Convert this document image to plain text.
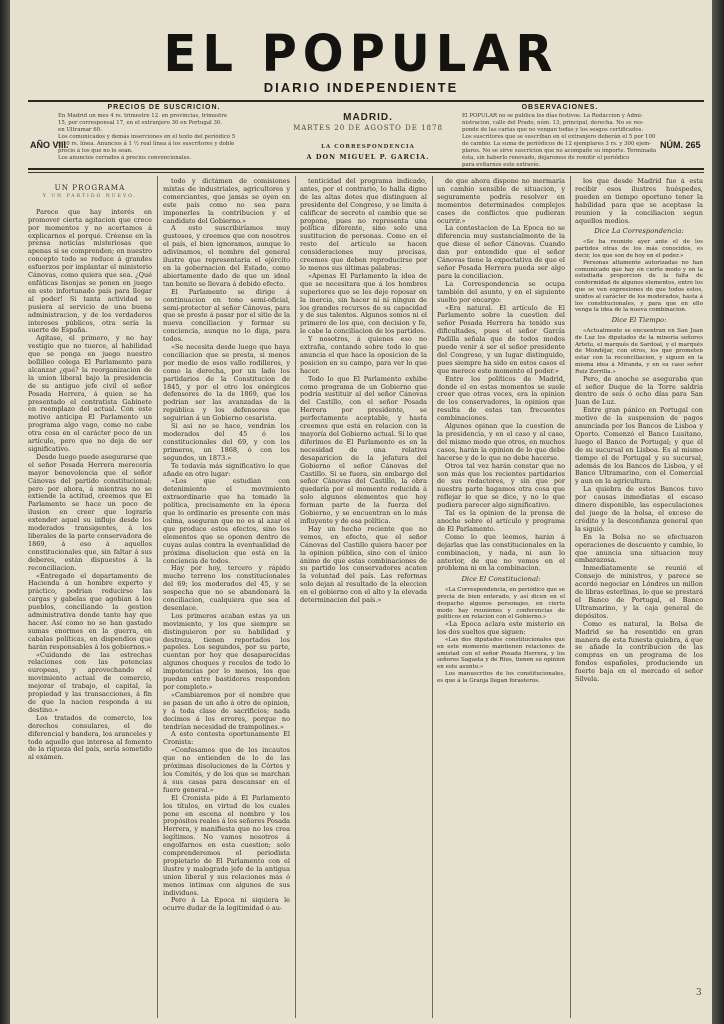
EL POPULAR
DIARIO INDEPENDIENTE
PRECIOS DE SUSCRICION.
En Madrid un mes 4 rs. trimestre 12. en provincias, trimestre
15, por corresponsal 17, en el extranjero 30 en Portugal 30.
en Ultramar 60.
Los comunicados y demás inserciones en el texto del periódico 5
y 10 rs. línea. Anuncios á 1 ½ real línea á los suscritores y doble
precio á los que no lo sean.
Los anuncios cerrados á precios convencionales.
AÑO VIII.
MADRID.
MARTES 20 DE AGOSTO DE 1878
LA CORRESPONDENCIA
A DON MIGUEL P. GARCIA.
OBSERVACIONES.
El POPULAR no se publica los días festivos. La Redaccion y Admi-
nistracion, calle del Prado, núm. 13, principal, derecha. No se res-
ponde de las cartas que no vengan todas y los sesgos certificados.
Los suscritores que se suscriban en el extranjero deberán el 5 por 100
de cambio. La suma de periódicos de 12 ejemplares 3 rs. y 300 ejem-
plares. No se sirve suscricion que no acompañe su importe. Terminada
ésta, sin haberlo renovado, dejaremos de remitir el periódico
para evitarnos este extravío.
NÚM. 265
UN PROGRAMA
Y UN PARTIDO NUEVO.

Parece que hay interés en promover cierta agitacion que crece por momentos y no acertamos á explicarnos el porqué. Créense en la prensa noticias misteriosas que apenas si se comprenden; en nuestro concepto todo se reduce á grandes esfuerzos por implantar el ministerio Cánovas, como quiera que sea. ¿Qué enfáticas lisonjas se ponen en juego en este infortunado país para llegar al poder! Si tanta actividad se pusiera al servicio de una buena administracion, y de los verdaderos intereses públicos, otra sería la suerte de España.

Agítase, el primero, y no hay vestigio que no tuerce, al habilidad que se ponga en juego nuestro bollilleo colega El Parlamento para alcanzar ¿qué? la reorganizacion de la union liberal bajo la presidencia de su antiguo jefe civil el señor Posada Herrera, á quien se ha presentado el contratista Gabinete en reemplazo del actual. Con este motivo anticipa El Parlamento un programa algo vago, como no cabe otra cosa en el carácter poco de un artículo, pero que no deja de ser significativo.

Desde luego puede asegurarse que el señor Posada Herrera merecería mayor benevolencia que el señor Cánovas del partido constitucional; pero por ahora, á mientras no se extiende la actitud, creemos que El Parlamento se hace un poco de ilusion en creer que lograría extender aquel su influjo desde los moderados transigentes, á los liberales de la parte conservadora de 1869, á eso á aquellos constitucionales que, sin faltar á sus deberes, están dispuestos á la reconciliacion.

«Entregado el departamento de Hacienda á un hombre experto y práctico, podrían reducirse las cargas y gabelas que agobian á los pueblos, conciliando la gestion administrativa donde tanto hay que hacer. Así como no se han gastado sumas enormes en la guerra, en cabalas políticas, en dispendios que harán responsables á los gobiernos.»

«Cuidando de las estrechas relaciones con las potencias europeas, y aprovechando el movimiento actual de comercio, mejorar el trabajo, el capital, la propiedad y las transacciones, á fin de que la nacion responda á su destino.»

Los tratados de comercio, los derechos consulares, el de diferencial y bandera, los aranceles y todo aquello que interesa al fomento de la riqueza del país, sería sometido al exámen.

todo y dictámen de comisiones mixtas de industriales, agricultores y comerciantes, que jamás se oyen en este país como no sea para imponerles la contribucion y el candidato del Gobierno.»

A esto suscribiríamos muy gustosos, y creemos que con nosotros el país, el bien ignoramos, aunque lo adivinamos, el nombre del general ilustre que representaria el ejército en la gobernacion del Estado, como abiertamente dado de que un ideal tan bonito se llevara á debido efecto.

El Parlamento se dirige á continuacion en tono semi-oficial, semi-protector al señor Cánovas, para que se preste á pasar por el sitio de la nueva conciliacion y formar su conciencia, aunque no lo diga, para todos.

«Se necesita desde luego que haya conciliacion que se presta, si menos por medio de esos vallo rodilleros, y como la derecha, por un lado los partidarios de la Constitucion de 1845, y por el otro los enérgicos defensores de la de 1869, que los podrian ser las avanzadas de la república y los defensores que seguirian á un Gobierno cesarista.

Si así no se hace, vendrán los moderados del 45 ó los constitucionales del 69, y con los primeros, un 1868, ó con los segundos, un 1873.»

Te todavía más significativo lo que añade en otro lugar:

«Los que estudian con detenimiento el movimiento extraordinario que ha tomado la política, precisamente en la época que lo ordinario es presente con más calma, aseguran que no es al azar el que produce estos efectos, sino los elementos que se oponen dentro de cuyas aulas contra la eventualidad de próxima disolucion que está en la conciencia de todos.

Hay por hoy, tercero y rápido mucho terreno los constitucionales del 69; los moderados del 45, y se sospecha que no se abandonará la conciliacion, cualquiera que sea el desenlace.

Los primeros acaban estas ya un movimiento, y los que siempre se distinguieron por su habilidad y destreza, tienen reportados los papeles. Los segundos, por su parte, cuentan por hoy que desaparecidas algunos choques y recelos de todo lo impotencias por lo menos, los que puedan entre bastidores responden por completo.»

«Cambiaremos por el nombre que se pasan de un año á otro de opinion, y á toda clase de sacrificios; nada decimos á los errores, porque no tendrían necesidad de trampolines.»

A esto contesta oportunamente El Cronista:

«Confesamos que de los incautos que no entienden de lo de las próximas disoluciones de la Córtes y los Comités, y de los que se marchan á sus casas para descansar en el fuero general.»

El Cronista pide á El Parlamento los títulos, en virtud de los cuales pone en escena el nombre y los propósitos reales á los señores Posada Herrera, y manifiesta que no los crea legítimos. No vamos nosotros á engolfarnos en esta cuestion; solo comprenderemos el periodista propietario de El Parlamento con el ilustre y malogrado jefe de la antigua union liberal y sus relaciones más ó menos intimas con algunos de sus individuos.

Pero á La Epoca ni siquiera le ocurre dudar de la legitimidad ó au-

tenticidad del programa indicado, antes, por el contrario, lo halla digno de las altas dotes que distinguen al presidente del Congreso, y se limita á calificar de secreto el cambio que se propone, pues no representa una política diferente, sino solo una sustitucion de personas. Como en el resto del artículo se hacen consideraciones muy precisas, creemos que deben reproducirse por lo menos sus últimas palabras:

«Apenas El Parlamento la idea de que se necesitara que á los hombres superiores que se les deje reposar en la inercia, sin hacer ni ni ningun de los grandes recursos de su capacidad y de sus talentos. Algunos somos ni el primero de los que, con decision y fe, le cabe la conciliacion de los partidos.

Y nosotros, á quienes eso no extraña, contando sobre todo lo que anuncia el que hace la oposicion de la posicion en su campo, para ver lo que hacer.

Todo lo que El Parlamento exhibe como programa de un Gobierno que podría sustituir al del señor Cánovas del Castillo, con el señor Posada Herrera por presidente, se perfectamente aceptable, y hasta creemos que está en relacion con la mayoría del Gobierno actual. Si lo que diferimos de El Parlamento es en la necesidad de una relativa desaparicion de la jefatura del Gobierno el señor Cánovas del Castillo. Si se fuera, sin embargo del señor Cánovas del Castillo, la obra quedaría por el momento reducida á solo algunos elementos que hoy forman parte de la fuerza del Gobierno, y se encuentran en lo más influyente y de esa política.

Hay un hecho reciente que no vemos, en efecto, que el señor Cánovas del Castillo quiera hacer por la opinion pública, sino con el único ánimo de que estas combinaciones de su partido los conservadores acaten la voluntad del país. Las reformas solo dejan al resultado de la eleccion en el gobierno con el alto y la elevada determinacion del país.»

de que ahora dispone no mermaría un cambio sensible de situacion, y seguramente podría resolver en momentos determinados complejos cases de conflictos que pudieran ocurrir.»

La contestacion de La Epoca no se diferencia muy sustancialmente de la que diese el señor Cánovas. Cuando dan por entendido que el señor Cánovas tiene la expectativa de que el señor Posada Herrera pueda ser algo para la conciliacion.

La Correspondencia se ocupa también del asunto, y en el siguiente suelto por encargo:

«Era natural. El artículo de El Parlamento sobre la cuestion del señor Posada Herrera ha tenido sus dificultades, pues el señor García Padilla señala que de todos modos puede venir á ser el señor presidente del Congreso, y un lugar distinguido, pues siempre ha sido en estos casos el que merece este momento el poder.»

Entre los políticos de Madrid, donde el en estas momentos se suele creer que otras veces, era la opinion de los conservadores, la opinion que resulta de estas tan frecuentes combinaciones.

Algunos opinan que la cuestion de la presidencia, y en el caso y al caso, del mismo modo que otros, en muchos casos, harán la opinion de lo que debe hacerse y de lo que no debe hacerse.

Otros tal vez harán constar que no son más que los recientes partidarios de sus redactores, y sin que por nuestra parte hagamos otra cosa que reflejar lo que se dice, y no lo que pudiera parecer algo significativo.

Tal es la opinion de la prensa de anoche sobre el artículo y programa de El Parlamento.

Como lo que leemos, harán á dejarlas que las constitucionales en la combinacion, y nada, ni aun lo anterior, de que no vemos en el problema ni en la combinacion.

Dice El Constitucional:

«La Correspondencia, en periódico que se precia de bien enterado, y así dicen en el despacho algunos personajes, en cierto modo hay reuniones y conferencias de políticos en relacion con el Gobierno.»

«La Epoca aclara este misterio en los dos sueltos que siguen:

«Las dos diputados constitucionales que en este momento mantienen relaciones de amistad con el señor Posada Herrera, y los señores Sagasta y de Rius, tienen su opinion en este asunto.»

Los manuscritos de los constitucionales, es que á la Granja llegan forasteros.

los que desde Madrid fue á esta recibir esos ilustres huéspedes, pueden en tiempo oportuno tener la habilidad para que se aceptase la reunion y la conciliacion segun aquellos medios.

Dice La Correspondencia:

«Se ha reunido ayer ante el de los partidos otras de los más conocidos, es decir, los que son de hoy en el poder.»

Personas altamente autorizadas no han comunicado que hay en cierto modo y en la estudiada proporcion de la falta de conformidad de algunos elementos, entre los que se ven expresiones de que todos estos, unidos al carácter de los moderados, hasta á los constitucionales, y para que en ello venga la idea de la nueva combinacion.

Dice El Tiempo:

«Actualmente se encuentran en San Juan de Luz los diputados de la minoria señores Artetu, el marqués de Sardoal, y el marqués de Mondéjar, con otros, los que prometen estar con la reconciliacion, y siguen en la misma idea á Miranda, y en su caso señor Ruiz Zorrilla.»

Pero, de anoche se aseguraba que el señor Duque de la Torre saldría dentro de seis ó ocho días para San Juan de Luz.

Entre gran pánico en Portugal con motivo de la suspension de pagos anunciada por los Bancos de Lisboa y Oporto. Comenzó el Banco Lusitano, luego el Banco de Portugal; y que él de su sucursal en Lisboa. Es al mismo tiempo el de Portugal y su sucursal, además de los Bancos de Lisboa, y el Banco Ultramarino, con el Comercial y aun en la agricultura.

La quiebra de estos Bancos tuvo por causas inmediatas el escaso dinero disponible, las especulaciones del juego de la bolsa, el exceso de crédito y la desconfianza general que la siguió.

En la Bolsa no se efectuaron operaciones de descuento y cambio, lo que anuncia una situacion muy embarazosa.

Inmediatamente se reunió el Consejo de ministros, y parece se acordó negociar en Lóndres un millon de libras esterlinas, lo que se prestará el Banco de Portugal, el Banco Ultramarino, y la caja general de depósitos.

Como es natural, la Bolsa de Madrid se ha resentido en gran manera de esta funesta quiebra, á que se añade la contribucion de las compras en un programa de los fondos españoles, produciendo un fuerte baja en el mercado el señor Silvela.

3
